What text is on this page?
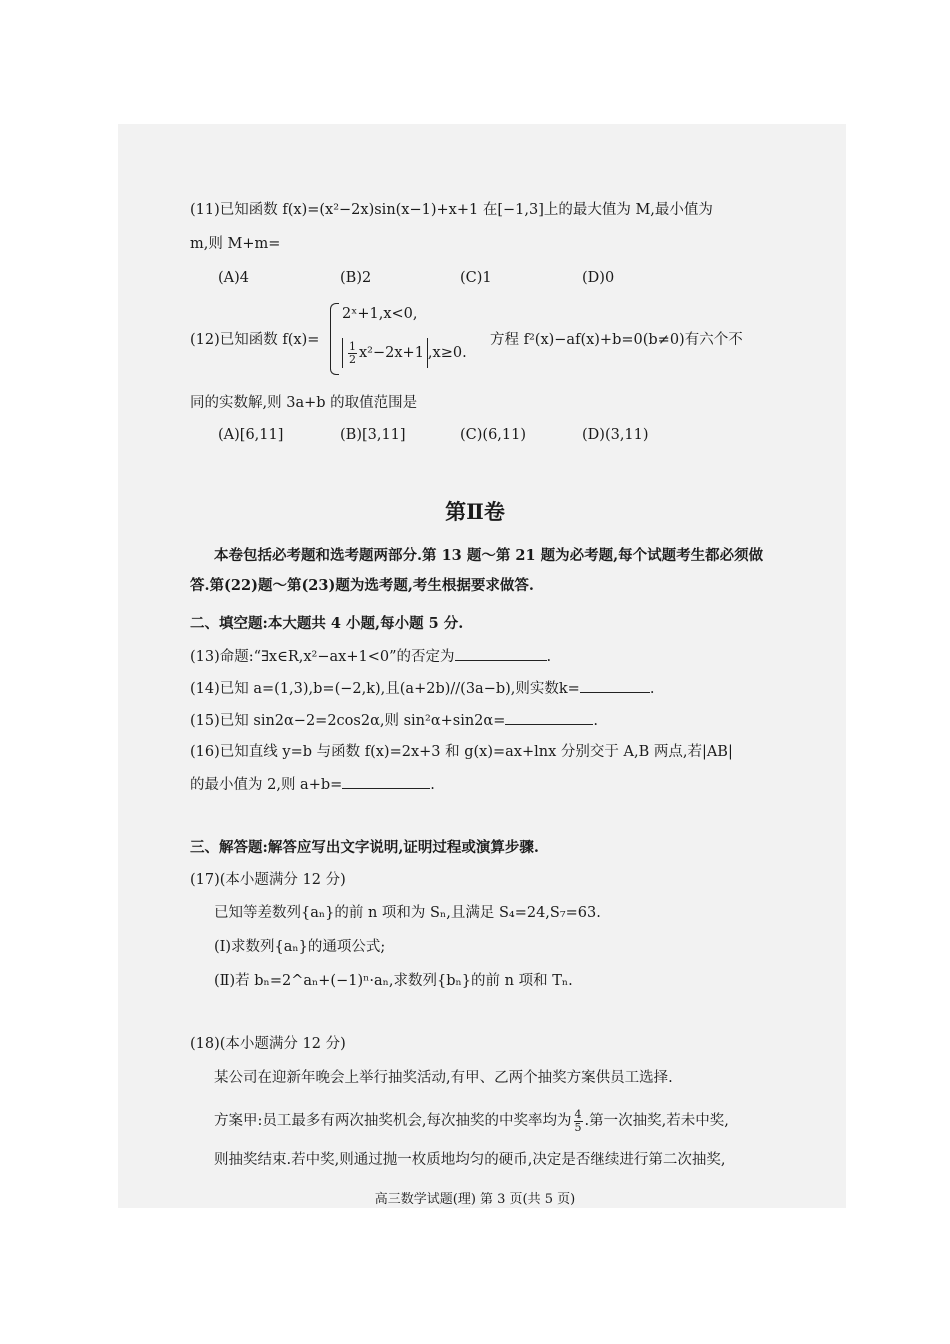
(11)已知函数 f(x)=(x²−2x)sin(x−1)+x+1 在[−1,3]上的最大值为 M,最小值为
m,则 M+m=
(A)4	(B)2	(C)1	(D)0
(12)已知函数 f(x)=
2ˣ+1,x<0,
$\frac{1}{2} x^2-2x+1$ ,x≥0.
方程 f²(x)−af(x)+b=0(b≠0)有六个不
同的实数解,则 3a+b 的取值范围是
(A)[6,11]	(B)[3,11]	(C)(6,11)	(D)(3,11)
第Ⅱ卷
本卷包括必考题和选考题两部分.第 13 题～第 21 题为必考题,每个试题考生都必须做
答.第(22)题～第(23)题为选考题,考生根据要求做答.
二、填空题:本大题共 4 小题,每小题 5 分.
(13)命题:“∃x∈R,x²−ax+1<0”的否定为	.
(14)已知 a=(1,3),b=(−2,k),且(a+2b)//(3a−b),则实数k=	.
(15)已知 sin2α−2=2cos2α,则 sin²α+sin2α=	.
(16)已知直线 y=b 与函数 f(x)=2x+3 和 g(x)=ax+lnx 分别交于 A,B 两点,若|AB|
的最小值为 2,则 a+b=	.
三、解答题:解答应写出文字说明,证明过程或演算步骤.
(17)(本小题满分 12 分)
已知等差数列{aₙ}的前 n 项和为 Sₙ,且满足 S₄=24,S₇=63.
(Ⅰ)求数列{aₙ}的通项公式;
(Ⅱ)若 bₙ=2^aₙ+(−1)ⁿ·aₙ,求数列{bₙ}的前 n 项和 Tₙ.
(18)(本小题满分 12 分)
某公司在迎新年晚会上举行抽奖活动,有甲、乙两个抽奖方案供员工选择.
方案甲:员工最多有两次抽奖机会,每次抽奖的中奖率均为 $\frac{4}{5}$ .第一次抽奖,若未中奖,
则抽奖结束.若中奖,则通过抛一枚质地均匀的硬币,决定是否继续进行第二次抽奖,
高三数学试题(理) 第 3 页(共 5 页)
